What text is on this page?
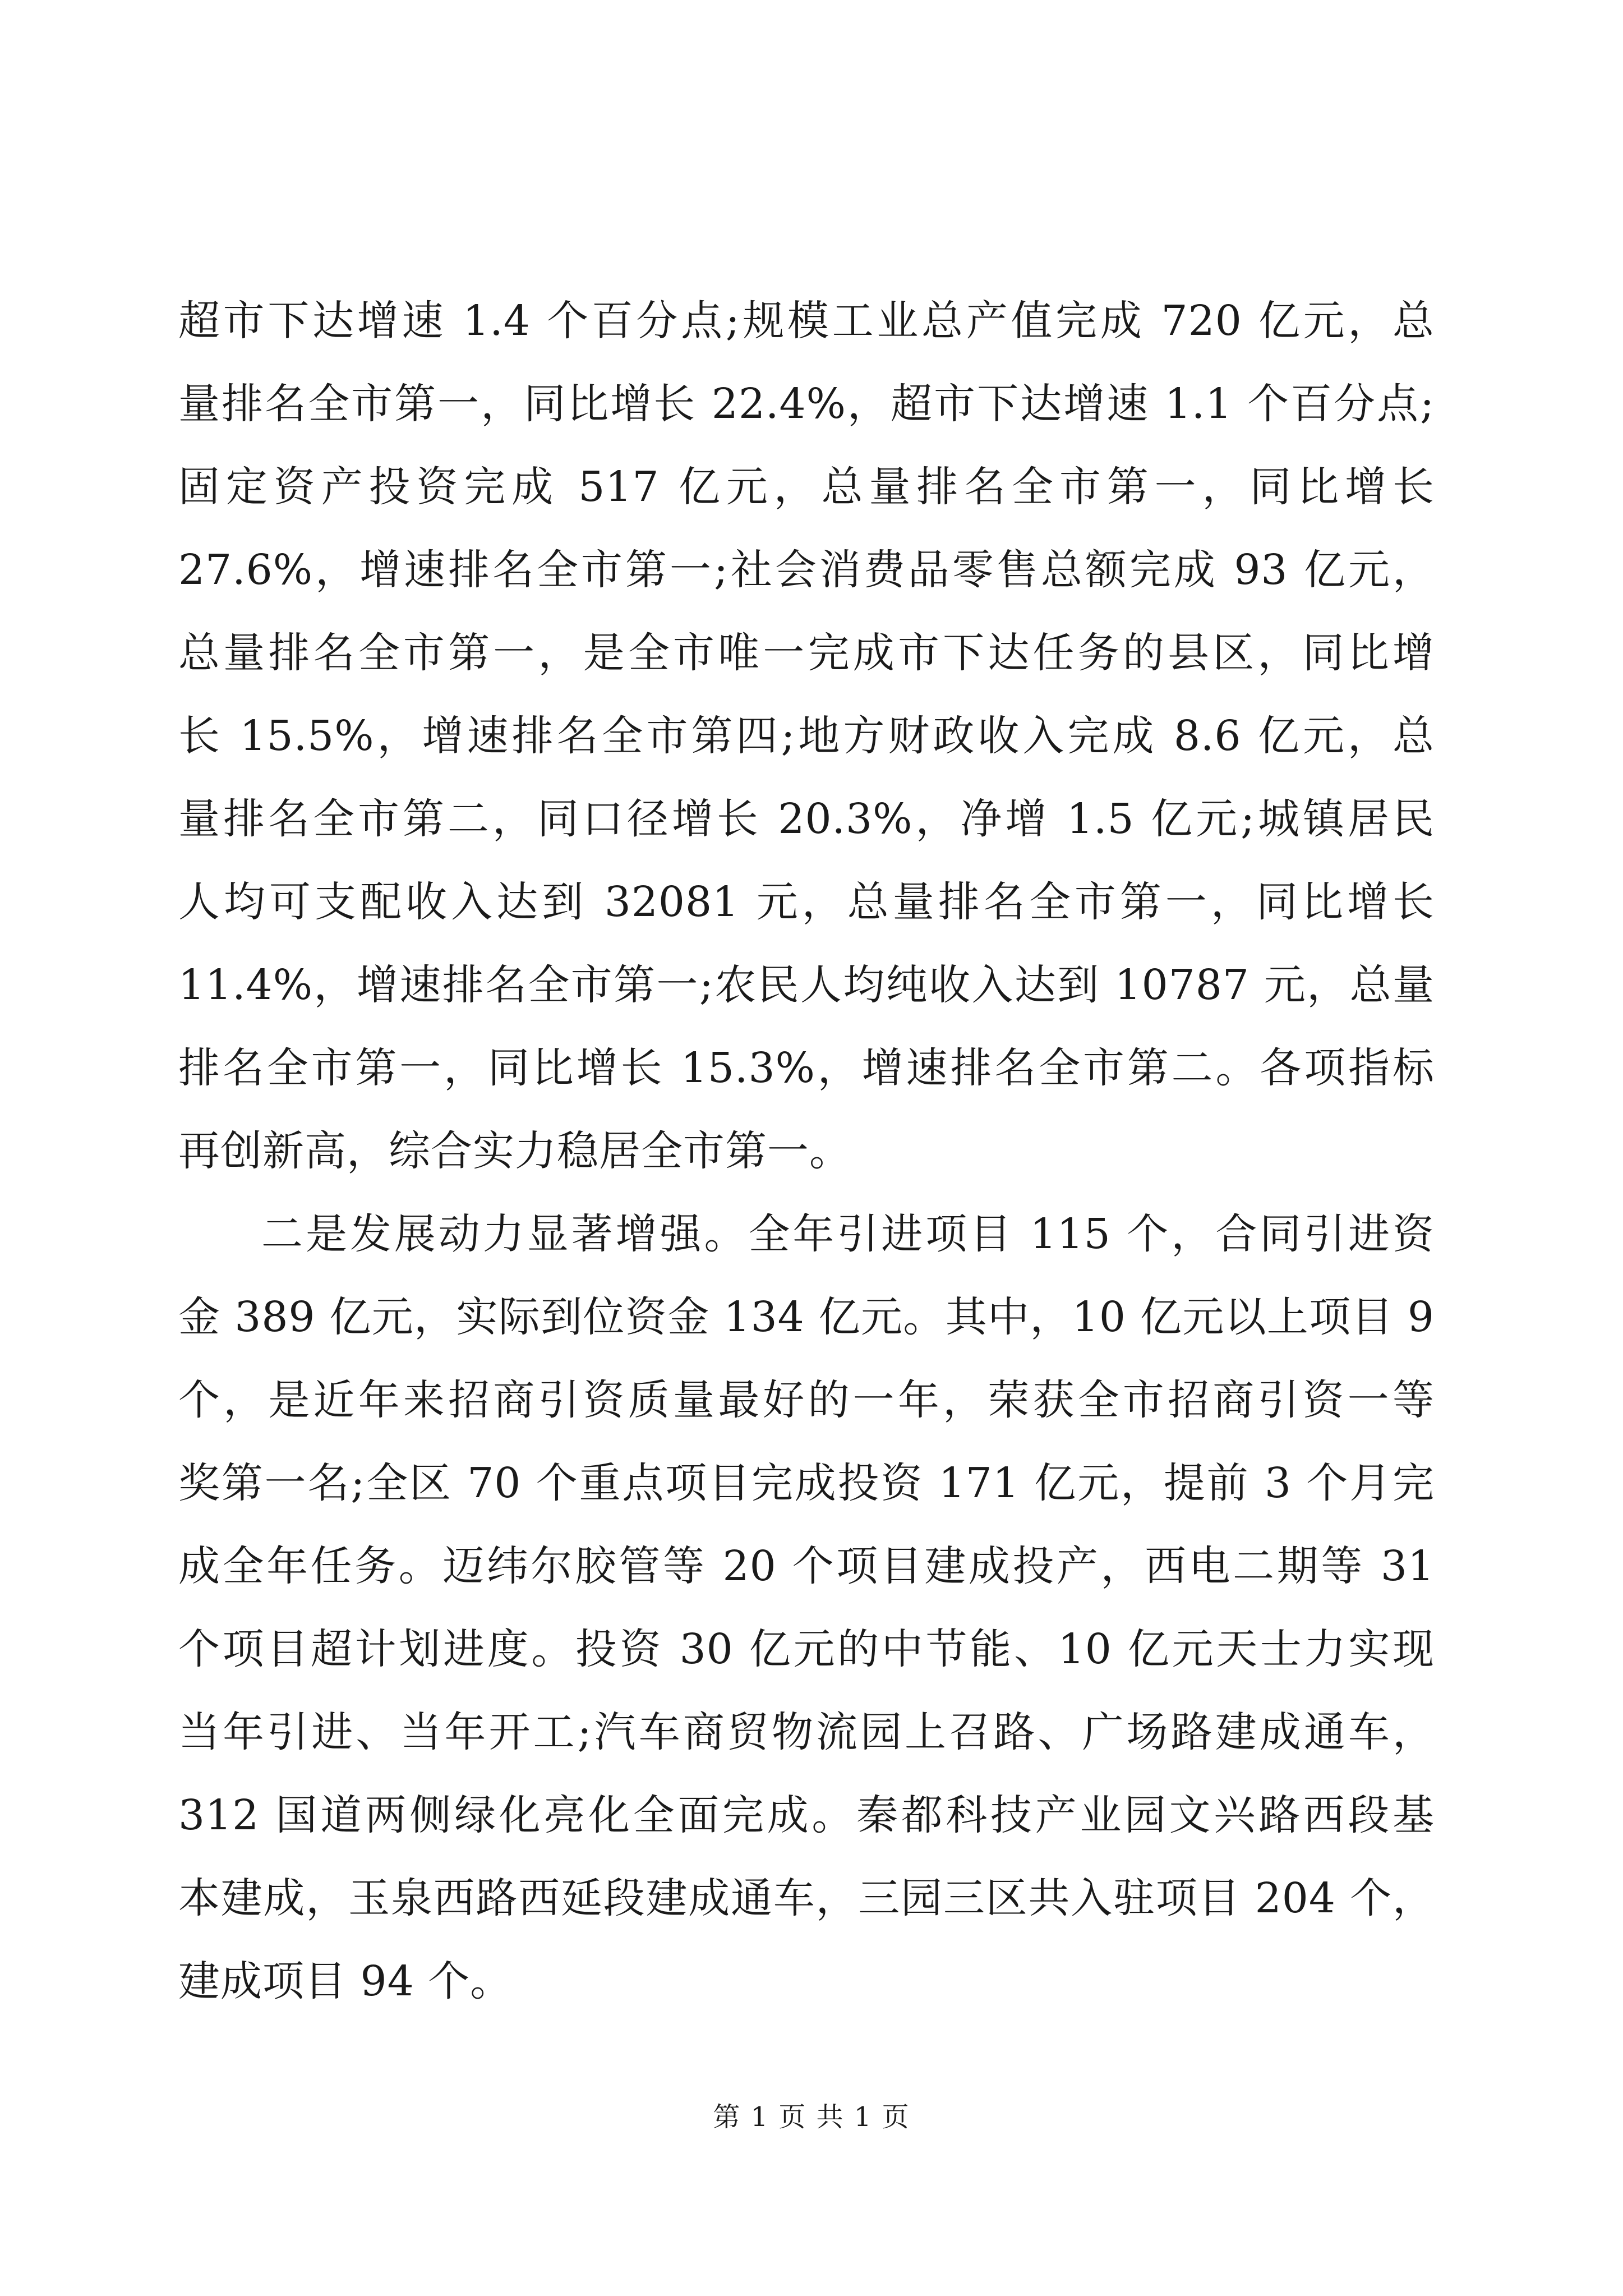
超市下达增速 1.4 个百分点;规模工业总产值完成 720 亿元，总
量排名全市第一，同比增长 22.4%，超市下达增速 1.1 个百分点;
固定资产投资完成 517 亿元，总量排名全市第一，同比增长
27.6%，增速排名全市第一;社会消费品零售总额完成 93 亿元，
总量排名全市第一，是全市唯一完成市下达任务的县区，同比增
长 15.5%，增速排名全市第四;地方财政收入完成 8.6 亿元，总
量排名全市第二，同口径增长 20.3%，净增 1.5 亿元;城镇居民
人均可支配收入达到 32081 元，总量排名全市第一，同比增长
11.4%，增速排名全市第一;农民人均纯收入达到 10787 元，总量
排名全市第一，同比增长 15.3%，增速排名全市第二。各项指标
再创新高，综合实力稳居全市第一。
二是发展动力显著增强。全年引进项目 115 个，合同引进资
金 389 亿元，实际到位资金 134 亿元。其中，10 亿元以上项目 9
个，是近年来招商引资质量最好的一年，荣获全市招商引资一等
奖第一名;全区 70 个重点项目完成投资 171 亿元，提前 3 个月完
成全年任务。迈纬尔胶管等 20 个项目建成投产，西电二期等 31
个项目超计划进度。投资 30 亿元的中节能、10 亿元天士力实现
当年引进、当年开工;汽车商贸物流园上召路、广场路建成通车，
312 国道两侧绿化亮化全面完成。秦都科技产业园文兴路西段基
本建成，玉泉西路西延段建成通车，三园三区共入驻项目 204 个，
建成项目 94 个。
第 1 页 共 1 页
